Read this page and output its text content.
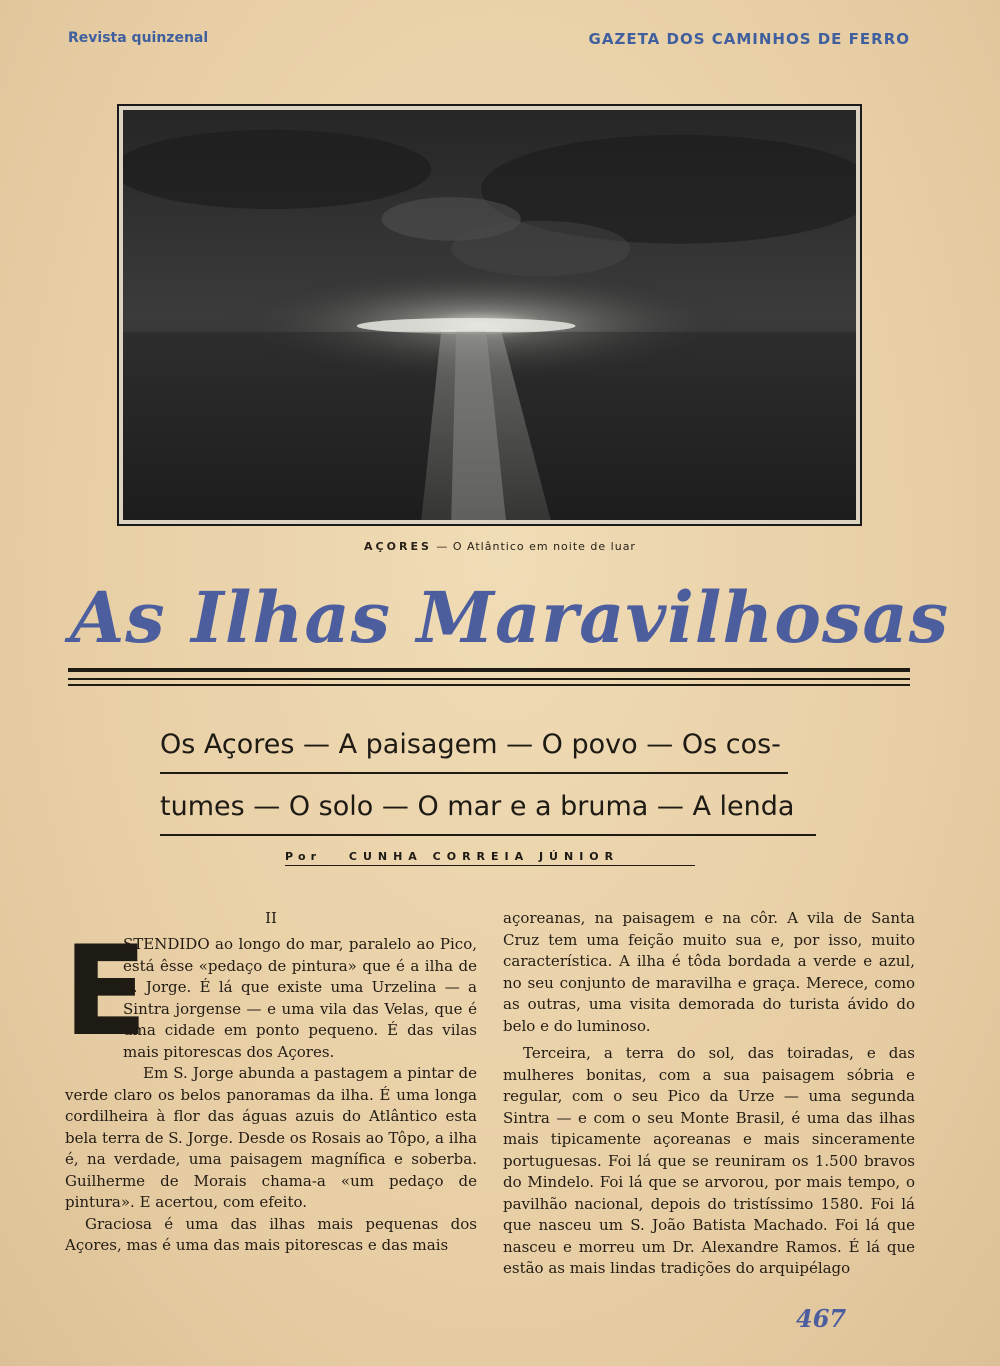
Revista quinzenal	GAZETA DOS CAMINHOS DE FERRO
AÇORES — O Atlântico em noite de luar
As Ilhas Maravilhosas
Os Açores — A paisagem — O povo — Os cos-
tumes — O solo — O mar e a bruma — A lenda
Por	CUNHA CORREIA JÚNIOR
II
E

STENDIDO ao longo do mar, paralelo ao Pico, está êsse «pedaço de pintura» que é a ilha de S. Jorge. É lá que existe uma Urzelina — a Sintra jorgense — e uma vila das Velas, que é uma cidade em ponto pequeno. É das vilas mais pitorescas dos Açores.

Em S. Jorge abunda a pastagem a pintar de verde claro os belos panoramas da ilha. É uma longa cordilheira à flor das águas azuis do Atlântico esta bela terra de S. Jorge. Desde os Rosais ao Tôpo, a ilha é, na verdade, uma paisagem magnífica e soberba. Guilherme de Morais chama-a «um pedaço de pintura». E acertou, com efeito.

Graciosa é uma das ilhas mais pequenas dos Açores, mas é uma das mais pitorescas e das mais

açoreanas, na paisagem e na côr. A vila de Santa Cruz tem uma feição muito sua e, por isso, muito característica. A ilha é tôda bordada a verde e azul, no seu conjunto de maravilha e graça. Merece, como as outras, uma visita demorada do turista ávido do belo e do luminoso.

Terceira, a terra do sol, das toiradas, e das mulheres bonitas, com a sua paisagem sóbria e regular, com o seu Pico da Urze — uma segunda Sintra — e com o seu Monte Brasil, é uma das ilhas mais tipicamente açoreanas e mais sinceramente portuguesas. Foi lá que se reuniram os 1.500 bravos do Mindelo. Foi lá que se arvorou, por mais tempo, o pavilhão nacional, depois do tristíssimo 1580. Foi lá que nasceu um S. João Batista Machado. Foi lá que nasceu e morreu um Dr. Alexandre Ramos. É lá que estão as mais lindas tradições do arquipélago

467
